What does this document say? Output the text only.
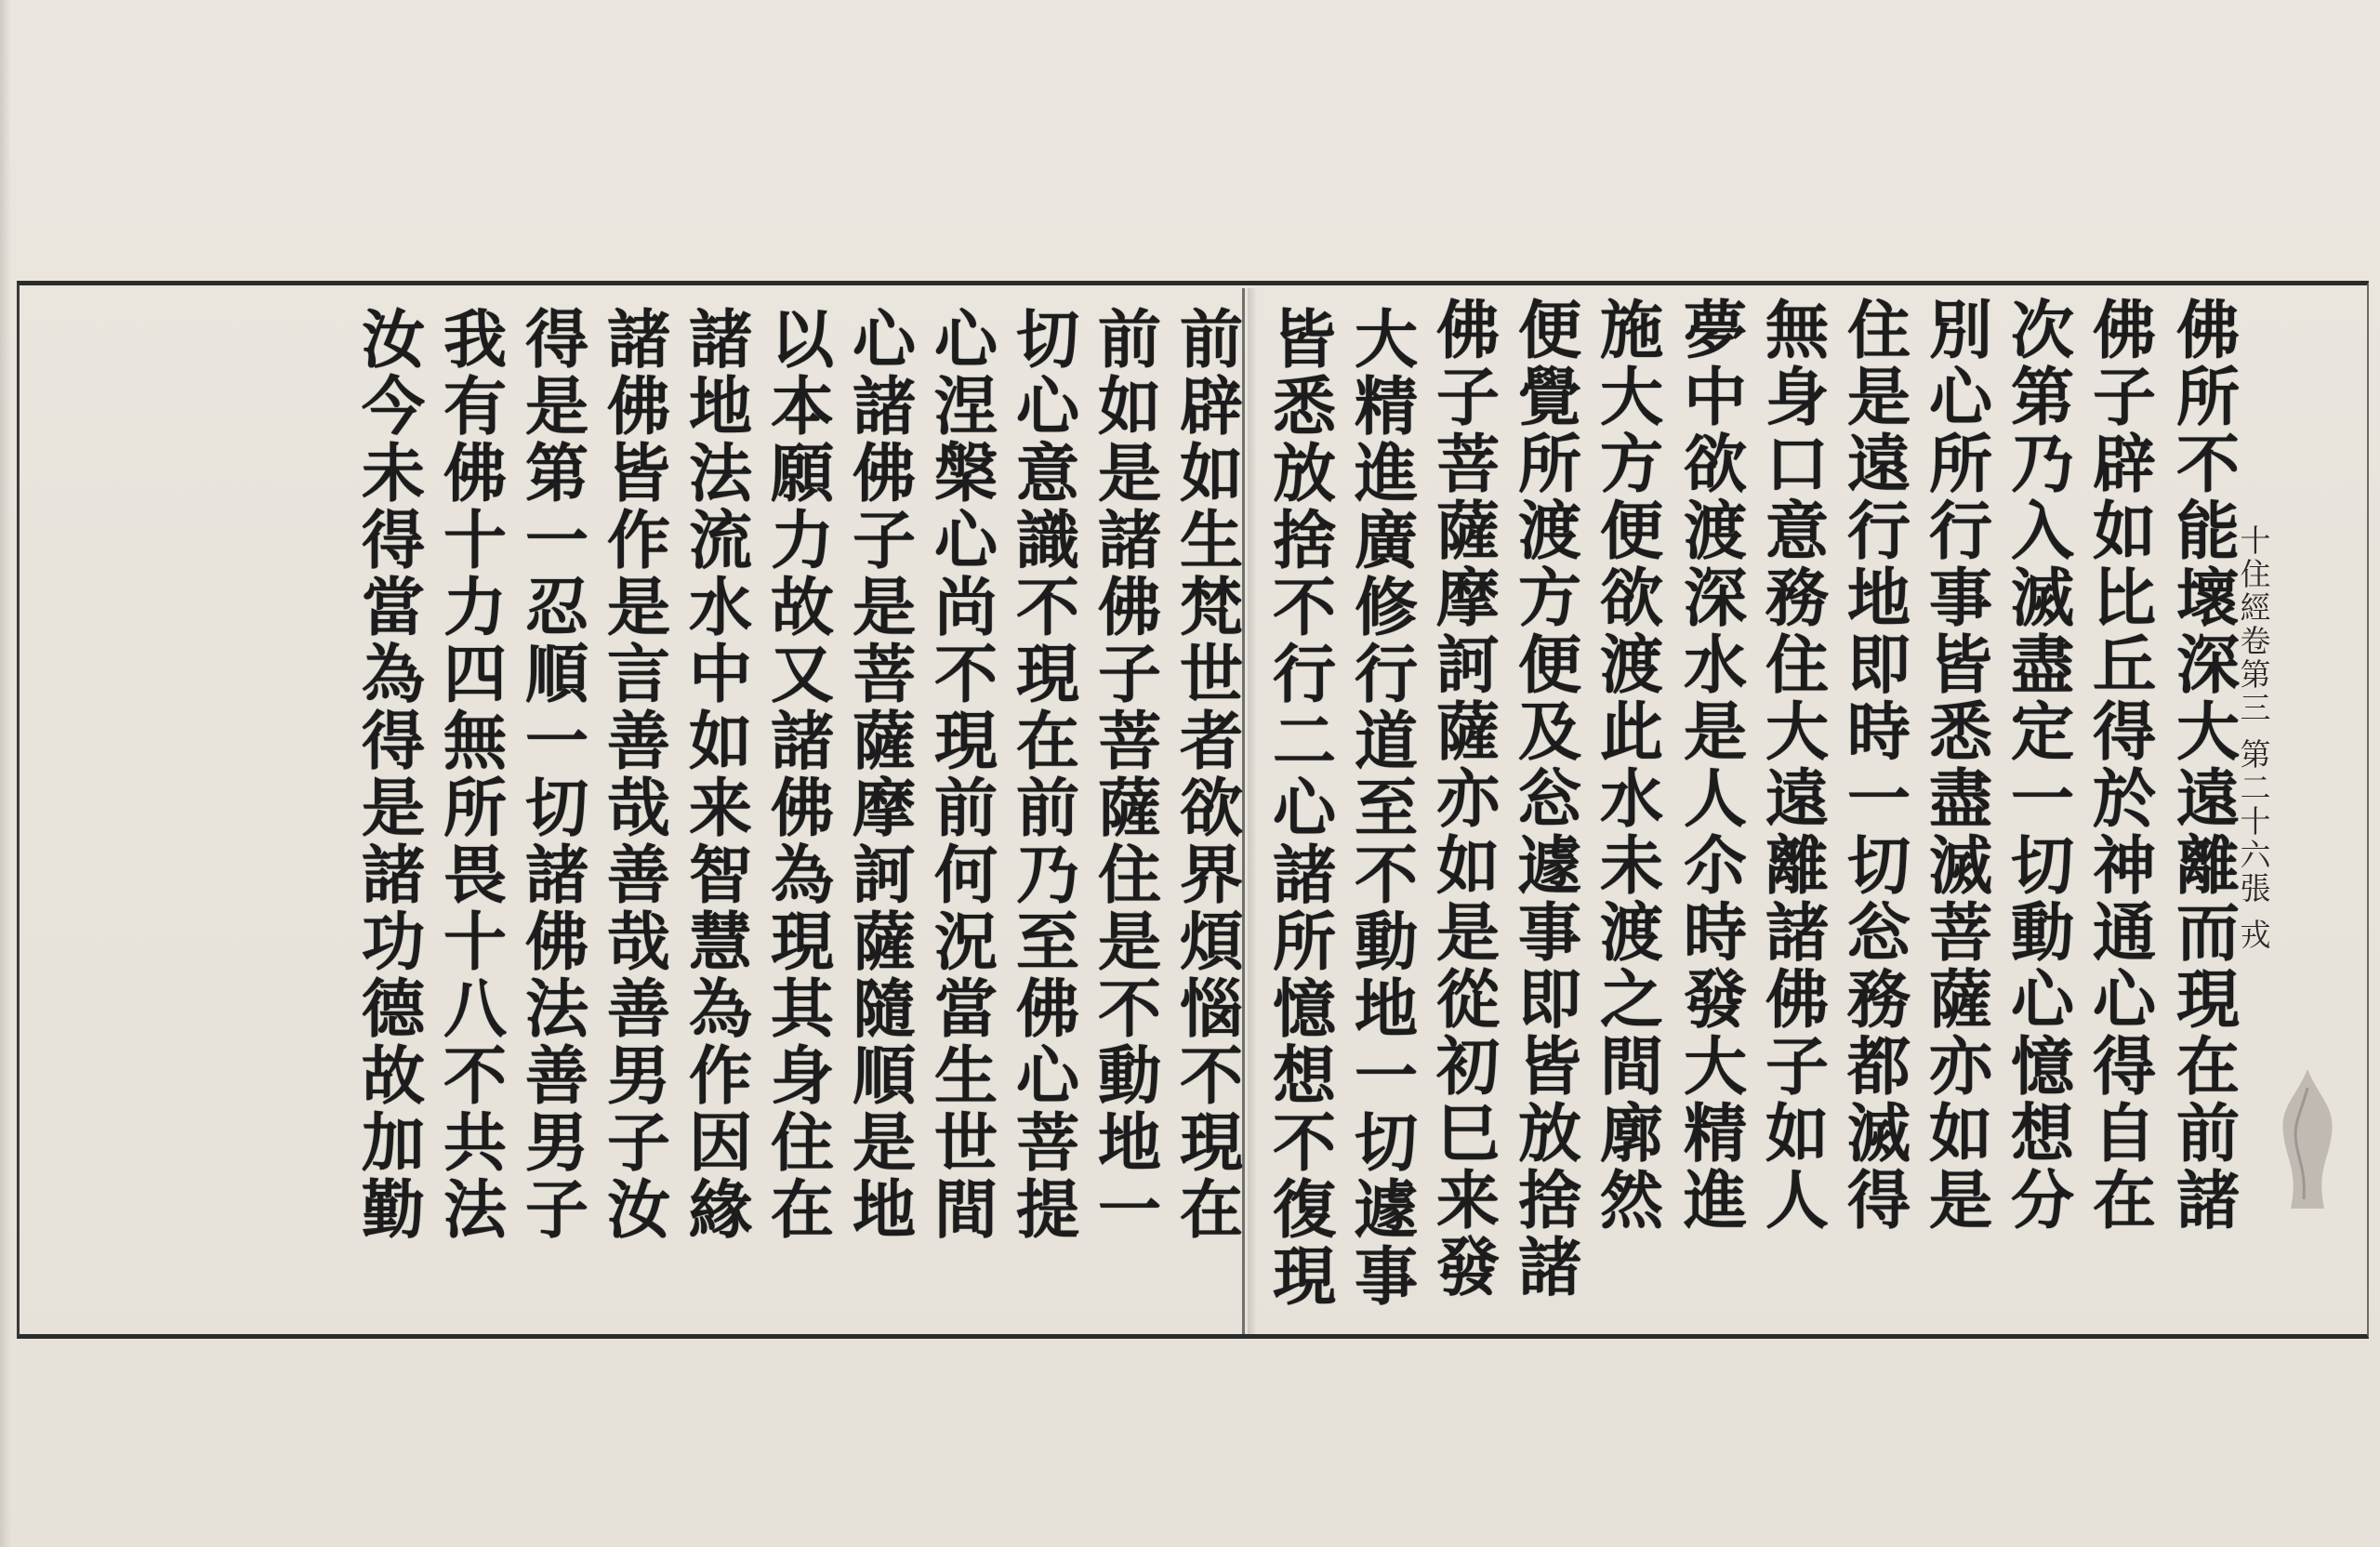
十
住
經
卷
第
三
第
二
十
六
張
戎
佛
所
不
能
壞
深
大
遠
離
而
現
在
前
諸
佛
子
辟
如
比
丘
得
於
神
通
心
得
自
在
次
第
乃
入
滅
盡
定
一
切
動
心
憶
想
分
別
心
所
行
事
皆
悉
盡
滅
菩
薩
亦
如
是
住
是
遠
行
地
即
時
一
切
忩
務
都
滅
得
無
身
口
意
務
住
大
遠
離
諸
佛
子
如
人
夢
中
欲
渡
深
水
是
人
尒
時
發
大
精
進
施
大
方
便
欲
渡
此
水
未
渡
之
間
廓
然
便
覺
所
渡
方
便
及
忩
遽
事
即
皆
放
捨
諸
佛
子
菩
薩
摩
訶
薩
亦
如
是
從
初
巳
来
發
大
精
進
廣
修
行
道
至
不
動
地
一
切
遽
事
皆
悉
放
捨
不
行
二
心
諸
所
憶
想
不
復
現
前
辟
如
生
梵
世
者
欲
界
煩
惱
不
現
在
前
如
是
諸
佛
子
菩
薩
住
是
不
動
地
一
切
心
意
識
不
現
在
前
乃
至
佛
心
菩
提
心
涅
槃
心
尚
不
現
前
何
況
當
生
世
間
心
諸
佛
子
是
菩
薩
摩
訶
薩
隨
順
是
地
以
本
願
力
故
又
諸
佛
為
現
其
身
住
在
諸
地
法
流
水
中
如
来
智
慧
為
作
因
緣
諸
佛
皆
作
是
言
善
哉
善
哉
善
男
子
汝
得
是
第
一
忍
順
一
切
諸
佛
法
善
男
子
我
有
佛
十
力
四
無
所
畏
十
八
不
共
法
汝
今
未
得
當
為
得
是
諸
功
德
故
加
勤
